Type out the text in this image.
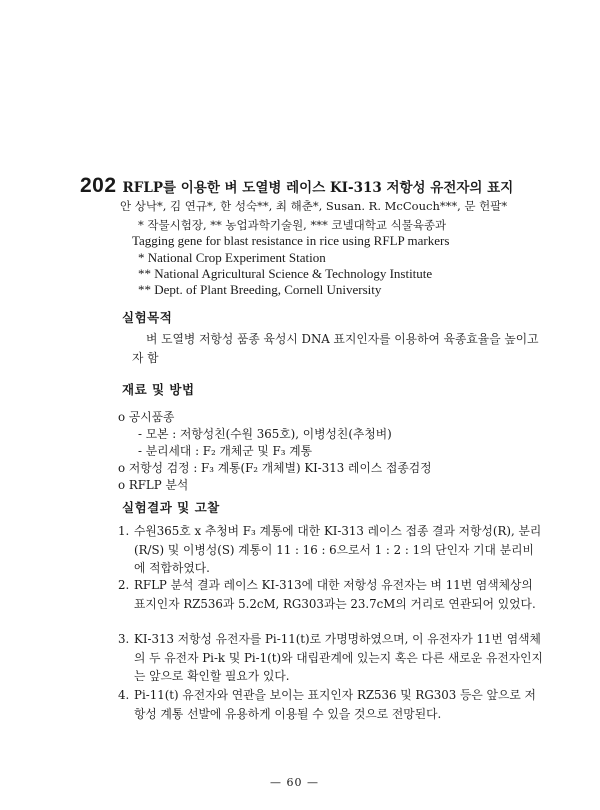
202 RFLP를 이용한 벼 도열병 레이스 KI-313 저항성 유전자의 표지
안 상낙*, 김 연규*, 한 성숙**, 최 해춘*, Susan. R. McCouch***, 문 헌팔*
* 작물시험장, ** 농업과학기술원, *** 코넬대학교 식물육종과
Tagging gene for blast resistance in rice using RFLP markers
* National Crop Experiment Station
** National Agricultural Science & Technology Institute
** Dept. of Plant Breeding, Cornell University
실험목적
벼 도열병 저항성 품종 육성시 DNA 표지인자를 이용하여 육종효율을 높이고자 함
재료 및 방법
o 공시품종
- 모본 : 저항성친(수원 365호), 이병성친(추청벼)
- 분리세대 : F₂ 개체군 및 F₃ 계통
o 저항성 검정 : F₃ 계통(F₂ 개체별) KI-313 레이스 접종검정
o RFLP 분석
실험결과 및 고찰
1. 수원365호 x 추청벼 F₃ 계통에 대한 KI-313 레이스 접종 결과 저항성(R), 분리(R/S) 및 이병성(S) 계통이 11 : 16 : 6으로서 1 : 2 : 1의 단인자 기대 분리비에 적합하였다.
2. RFLP 분석 결과 레이스 KI-313에 대한 저항성 유전자는 벼 11번 염색체상의 표지인자 RZ536과 5.2cM, RG303과는 23.7cM의 거리로 연관되어 있었다.
3. KI-313 저항성 유전자를 Pi-11(t)로 가명명하였으며, 이 유전자가 11번 염색체의 두 유전자 Pi-k 및 Pi-1(t)와 대립관계에 있는지 혹은 다른 새로운 유전자인지는 앞으로 확인할 필요가 있다.
4. Pi-11(t) 유전자와 연관을 보이는 표지인자 RZ536 및 RG303 등은 앞으로 저항성 계통 선발에 유용하게 이용될 수 있을 것으로 전망된다.
— 60 —
